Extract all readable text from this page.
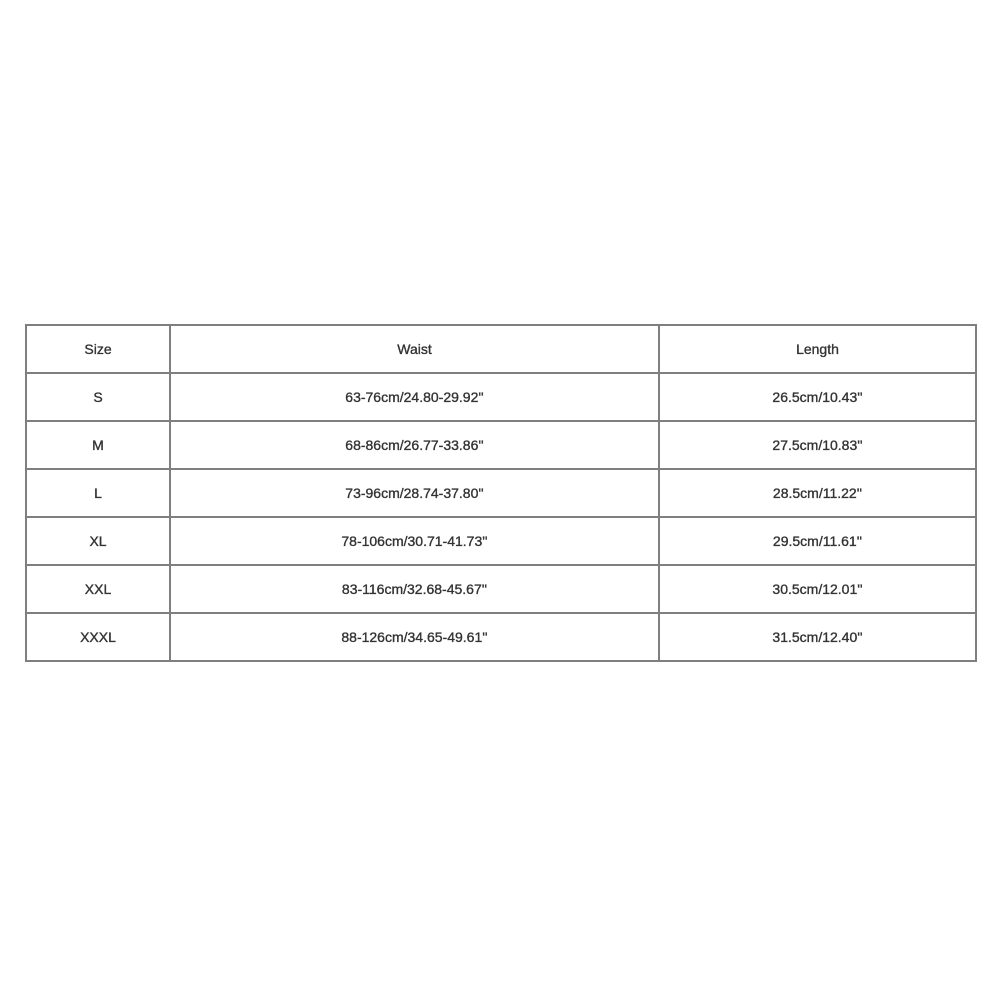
Size	Waist	Length
S	63-76cm/24.80-29.92''	26.5cm/10.43''
M	68-86cm/26.77-33.86''	27.5cm/10.83''
L	73-96cm/28.74-37.80''	28.5cm/11.22''
XL	78-106cm/30.71-41.73''	29.5cm/11.61''
XXL	83-116cm/32.68-45.67''	30.5cm/12.01''
XXXL	88-126cm/34.65-49.61''	31.5cm/12.40''
